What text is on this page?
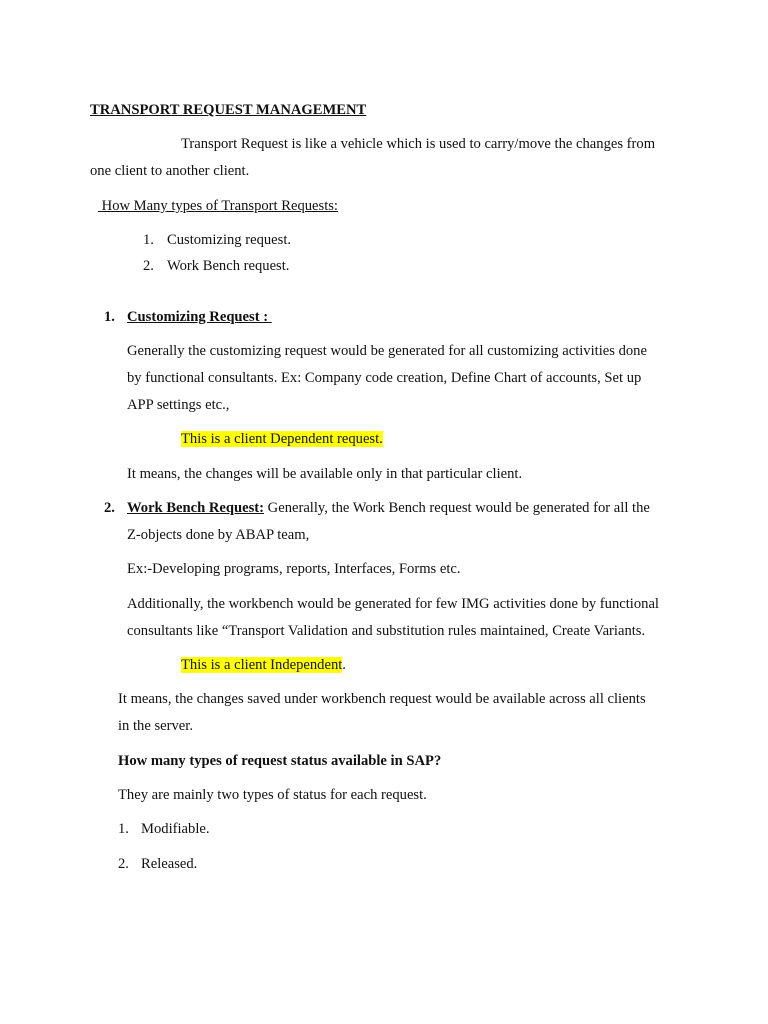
TRANSPORT REQUEST MANAGEMENT
Transport Request is like a vehicle which is used to carry/move the changes from
one client to another client.
How Many types of Transport Requests:
1. Customizing request.
2. Work Bench request.
1. Customizing Request :
Generally the customizing request would be generated for all customizing activities done
by functional consultants. Ex: Company code creation, Define Chart of accounts, Set up
APP settings etc.,
This is a client Dependent request.
It means, the changes will be available only in that particular client.
2. Work Bench Request: Generally, the Work Bench request would be generated for all the
Z-objects done by ABAP team,
Ex:-Developing programs, reports, Interfaces, Forms etc.
Additionally, the workbench would be generated for few IMG activities done by functional
consultants like “Transport Validation and substitution rules maintained, Create Variants.
This is a client Independent.
It means, the changes saved under workbench request would be available across all clients
in the server.
How many types of request status available in SAP?
They are mainly two types of status for each request.
1. Modifiable.
2. Released.
